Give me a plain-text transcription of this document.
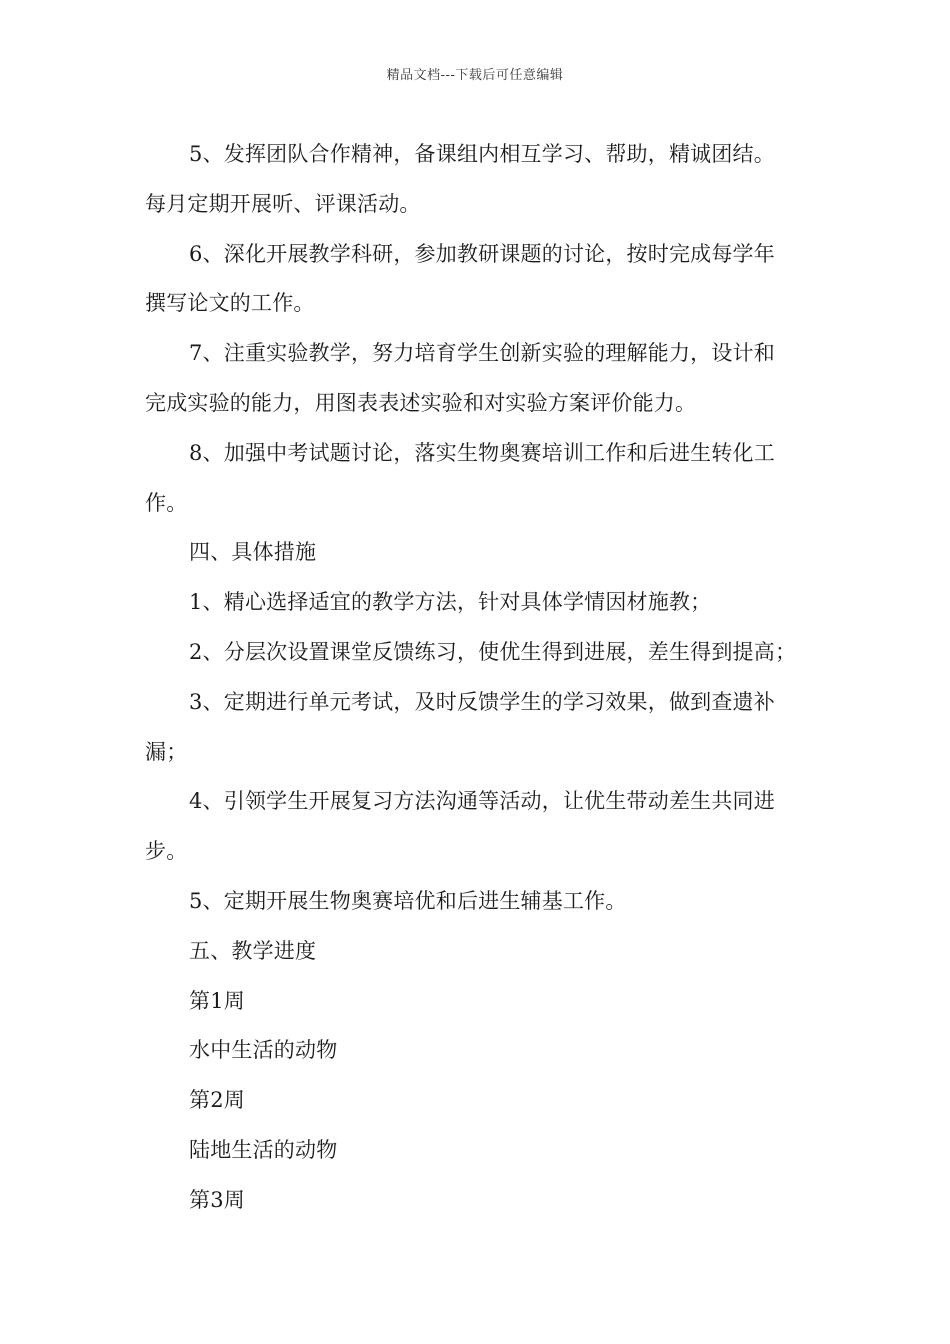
精品文档---下载后可任意编辑

5、发挥团队合作精神，备课组内相互学习、帮助，精诚团结。
每月定期开展听、评课活动。

6、深化开展教学科研，参加教研课题的讨论，按时完成每学年
撰写论文的工作。

7、注重实验教学，努力培育学生创新实验的理解能力，设计和
完成实验的能力，用图表表述实验和对实验方案评价能力。

8、加强中考试题讨论，落实生物奥赛培训工作和后进生转化工
作。

四、具体措施

1、精心选择适宜的教学方法，针对具体学情因材施教；

2、分层次设置课堂反馈练习，使优生得到进展，差生得到提高；

3、定期进行单元考试，及时反馈学生的学习效果，做到查遗补
漏；

4、引领学生开展复习方法沟通等活动，让优生带动差生共同进
步。

5、定期开展生物奥赛培优和后进生辅基工作。

五、教学进度

第1周

水中生活的动物

第2周

陆地生活的动物

第3周
